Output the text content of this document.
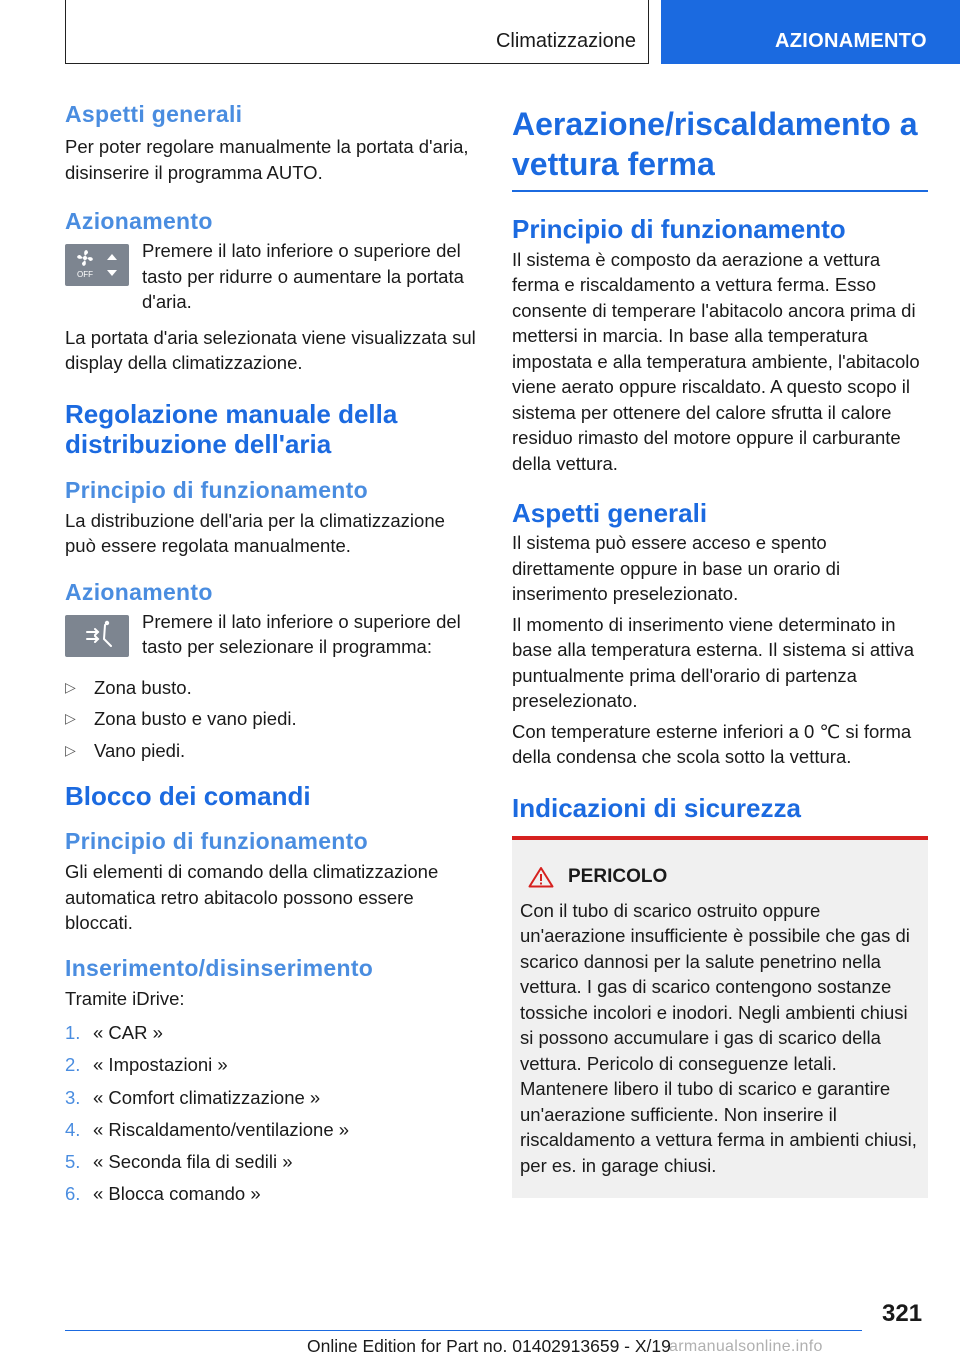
Climatizzazione	AZIONAMENTO
Aspetti generali

Per poter regolare manualmente la portata d'aria, disinserire il programma AUTO.

Azionamento
OFF

Premere il lato inferiore o superiore del tasto per ridurre o aumentare la portata d'aria.

La portata d'aria selezionata viene visualizzata sul display della climatizzazione.

Regolazione manuale della distribuzione dell'aria
Principio di funzionamento

La distribuzione dell'aria per la climatizzazione può essere regolata manualmente.

Azionamento

Premere il lato inferiore o superiore del tasto per selezionare il programma:

▷ Zona busto.
▷ Zona busto e vano piedi.
▷ Vano piedi.
Blocco dei comandi
Principio di funzionamento

Gli elementi di comando della climatizzazione automatica retro abitacolo possono essere bloccati.

Inserimento/disinserimento

Tramite iDrive:

1. « CAR »
2. « Impostazioni »
3. « Comfort climatizzazione »
4. « Riscaldamento/ventilazione »
5. « Seconda fila di sedili »
6. « Blocca comando »
Aerazione/riscaldamento a vettura ferma
Principio di funzionamento

Il sistema è composto da aerazione a vettura ferma e riscaldamento a vettura ferma. Esso consente di temperare l'abitacolo ancora prima di mettersi in marcia. In base alla temperatura impostata e alla temperatura ambiente, l'abitacolo viene aerato oppure riscaldato. A questo scopo il sistema per ottenere del calore sfrutta il calore residuo rimasto del motore oppure il carburante della vettura.

Aspetti generali

Il sistema può essere acceso e spento direttamente oppure in base un orario di inserimento preselezionato.

Il momento di inserimento viene determinato in base alla temperatura esterna. Il sistema si attiva puntualmente prima dell'orario di partenza preselezionato.

Con temperature esterne inferiori a 0 ℃ si forma della condensa che scola sotto la vettura.

Indicazioni di sicurezza
PERICOLO

Con il tubo di scarico ostruito oppure un'aerazione insufficiente è possibile che gas di scarico dannosi per la salute penetrino nella vettura. I gas di scarico contengono sostanze tossiche incolori e inodori. Negli ambienti chiusi si possono accumulare i gas di scarico della vettura. Pericolo di conseguenze letali. Mantenere libero il tubo di scarico e garantire un'aerazione sufficiente. Non inserire il riscaldamento a vettura ferma in ambienti chiusi, per es. in garage chiusi.

321
Online Edition for Part no. 01402913659 - X/19
armanualsonline.info
